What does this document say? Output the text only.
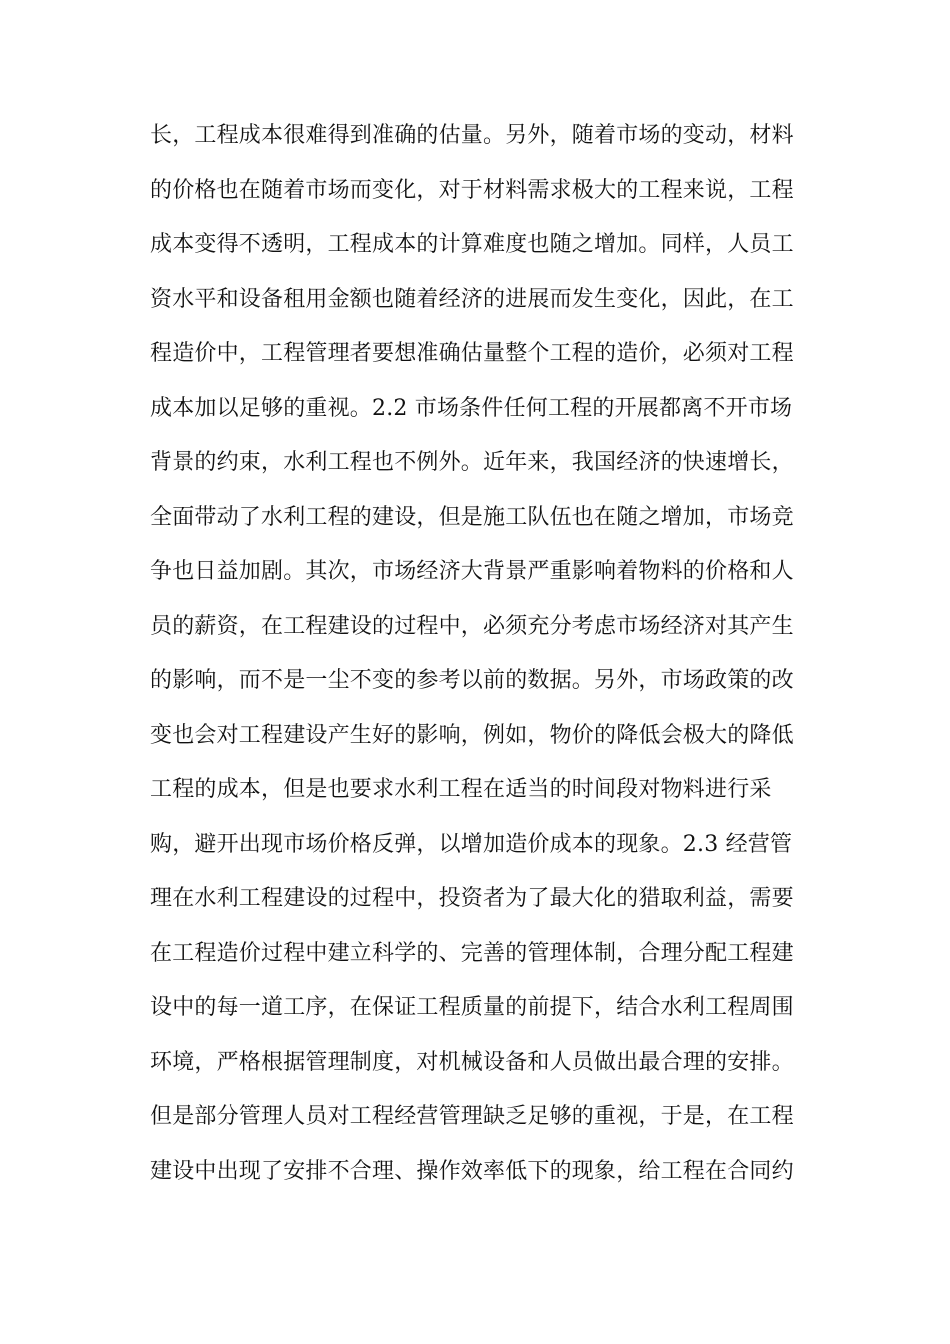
长，工程成本很难得到准确的估量。另外，随着市场的变动，材料
的价格也在随着市场而变化，对于材料需求极大的工程来说，工程
成本变得不透明，工程成本的计算难度也随之增加。同样，人员工
资水平和设备租用金额也随着经济的进展而发生变化，因此，在工
程造价中，工程管理者要想准确估量整个工程的造价，必须对工程
成本加以足够的重视。2.2 市场条件任何工程的开展都离不开市场
背景的约束，水利工程也不例外。近年来，我国经济的快速增长，
全面带动了水利工程的建设，但是施工队伍也在随之增加，市场竞
争也日益加剧。其次，市场经济大背景严重影响着物料的价格和人
员的薪资，在工程建设的过程中，必须充分考虑市场经济对其产生
的影响，而不是一尘不变的参考以前的数据。另外，市场政策的改
变也会对工程建设产生好的影响，例如，物价的降低会极大的降低
工程的成本，但是也要求水利工程在适当的时间段对物料进行采
购，避开出现市场价格反弹，以增加造价成本的现象。2.3 经营管
理在水利工程建设的过程中，投资者为了最大化的猎取利益，需要
在工程造价过程中建立科学的、完善的管理体制，合理分配工程建
设中的每一道工序，在保证工程质量的前提下，结合水利工程周围
环境，严格根据管理制度，对机械设备和人员做出最合理的安排。
但是部分管理人员对工程经营管理缺乏足够的重视，于是，在工程
建设中出现了安排不合理、操作效率低下的现象，给工程在合同约
